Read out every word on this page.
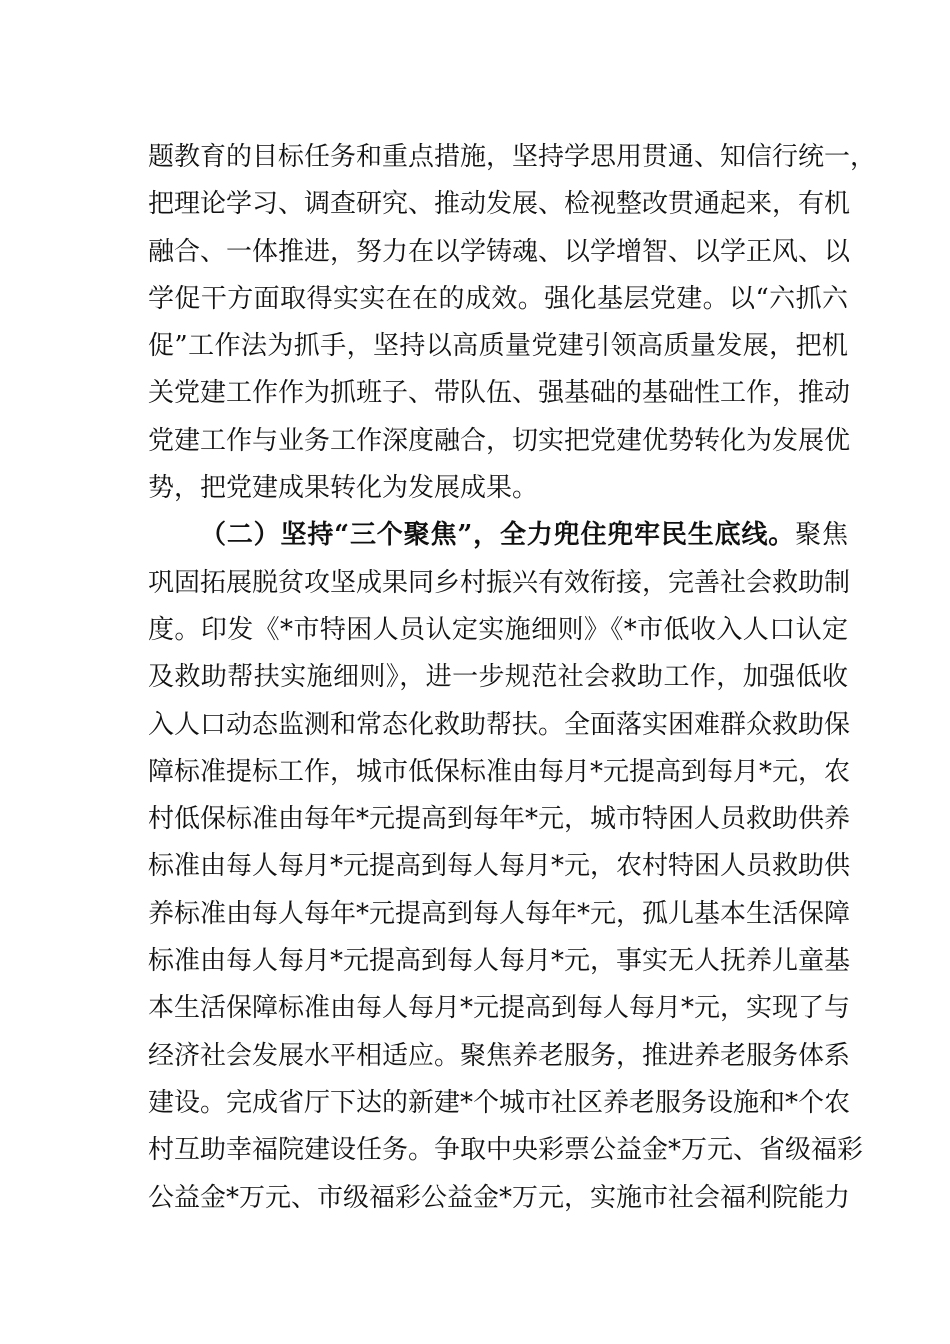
题教育的目标任务和重点措施，坚持学思用贯通、知信行统一，
把理论学习、调查研究、推动发展、检视整改贯通起来，有机
融合、一体推进，努力在以学铸魂、以学增智、以学正风、以
学促干方面取得实实在在的成效。强化基层党建。以“六抓六
促”工作法为抓手，坚持以高质量党建引领高质量发展，把机
关党建工作作为抓班子、带队伍、强基础的基础性工作，推动
党建工作与业务工作深度融合，切实把党建优势转化为发展优
势，把党建成果转化为发展成果。
（二）坚持“三个聚焦”，全力兜住兜牢民生底线。聚焦
巩固拓展脱贫攻坚成果同乡村振兴有效衔接，完善社会救助制
度。印发《*市特困人员认定实施细则》《*市低收入人口认定
及救助帮扶实施细则》，进一步规范社会救助工作，加强低收
入人口动态监测和常态化救助帮扶。全面落实困难群众救助保
障标准提标工作，城市低保标准由每月*元提高到每月*元，农
村低保标准由每年*元提高到每年*元，城市特困人员救助供养
标准由每人每月*元提高到每人每月*元，农村特困人员救助供
养标准由每人每年*元提高到每人每年*元，孤儿基本生活保障
标准由每人每月*元提高到每人每月*元，事实无人抚养儿童基
本生活保障标准由每人每月*元提高到每人每月*元，实现了与
经济社会发展水平相适应。聚焦养老服务，推进养老服务体系
建设。完成省厅下达的新建*个城市社区养老服务设施和*个农
村互助幸福院建设任务。争取中央彩票公益金*万元、省级福彩
公益金*万元、市级福彩公益金*万元，实施市社会福利院能力
